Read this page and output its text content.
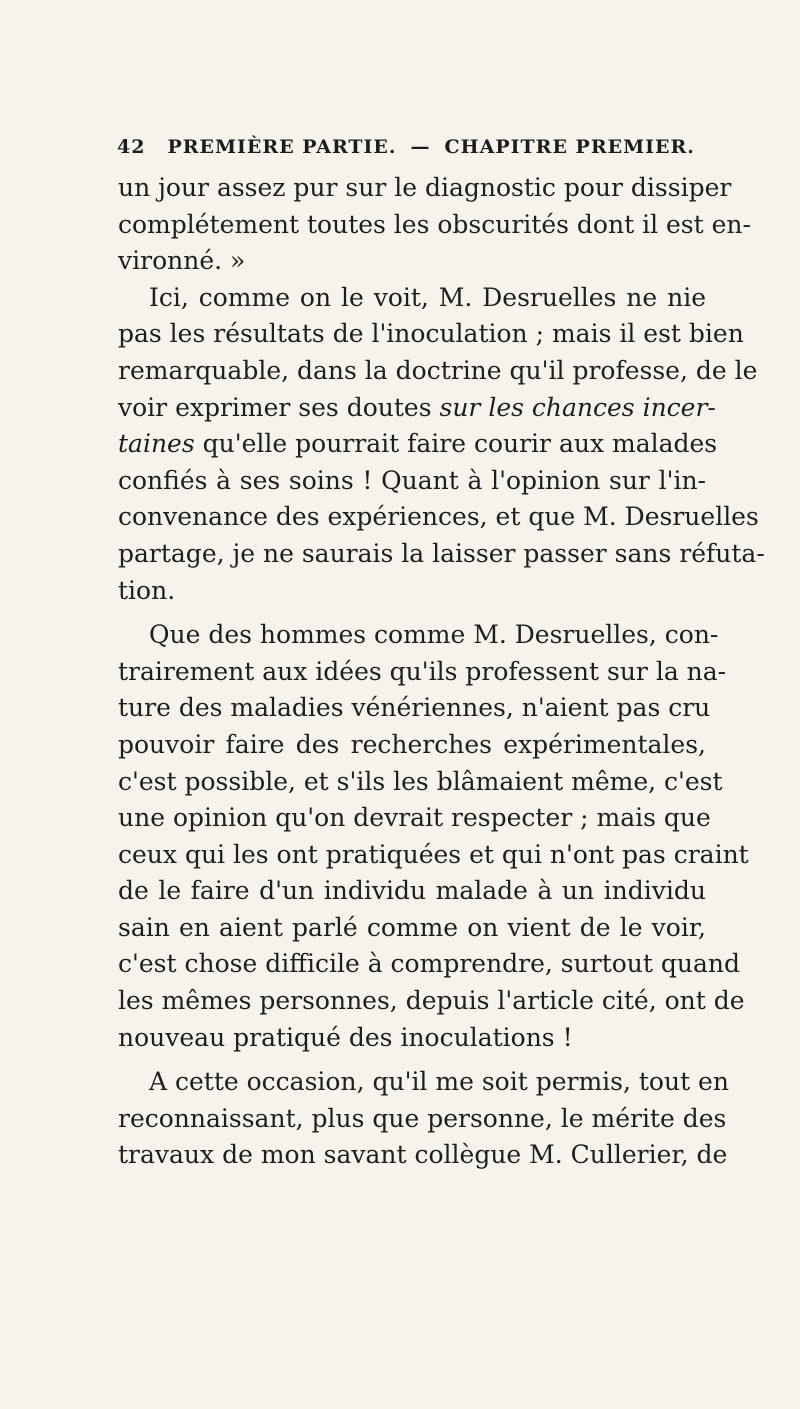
42 PREMIÈRE PARTIE. — CHAPITRE PREMIER.
un jour assez pur sur le diagnostic pour dissiper
complétement toutes les obscurités dont il est en-
vironné. »
Ici, comme on le voit, M. Desruelles ne nie
pas les résultats de l'inoculation ; mais il est bien
remarquable, dans la doctrine qu'il professe, de le
voir exprimer ses doutes sur les chances incer-
taines qu'elle pourrait faire courir aux malades
confiés à ses soins ! Quant à l'opinion sur l'in-
convenance des expériences, et que M. Desruelles
partage, je ne saurais la laisser passer sans réfuta-
tion.
Que des hommes comme M. Desruelles, con-
trairement aux idées qu'ils professent sur la na-
ture des maladies vénériennes, n'aient pas cru
pouvoir faire des recherches expérimentales,
c'est possible, et s'ils les blâmaient même, c'est
une opinion qu'on devrait respecter ; mais que
ceux qui les ont pratiquées et qui n'ont pas craint
de le faire d'un individu malade à un individu
sain en aient parlé comme on vient de le voir,
c'est chose difficile à comprendre, surtout quand
les mêmes personnes, depuis l'article cité, ont de
nouveau pratiqué des inoculations !
A cette occasion, qu'il me soit permis, tout en
reconnaissant, plus que personne, le mérite des
travaux de mon savant collègue M. Cullerier, de
